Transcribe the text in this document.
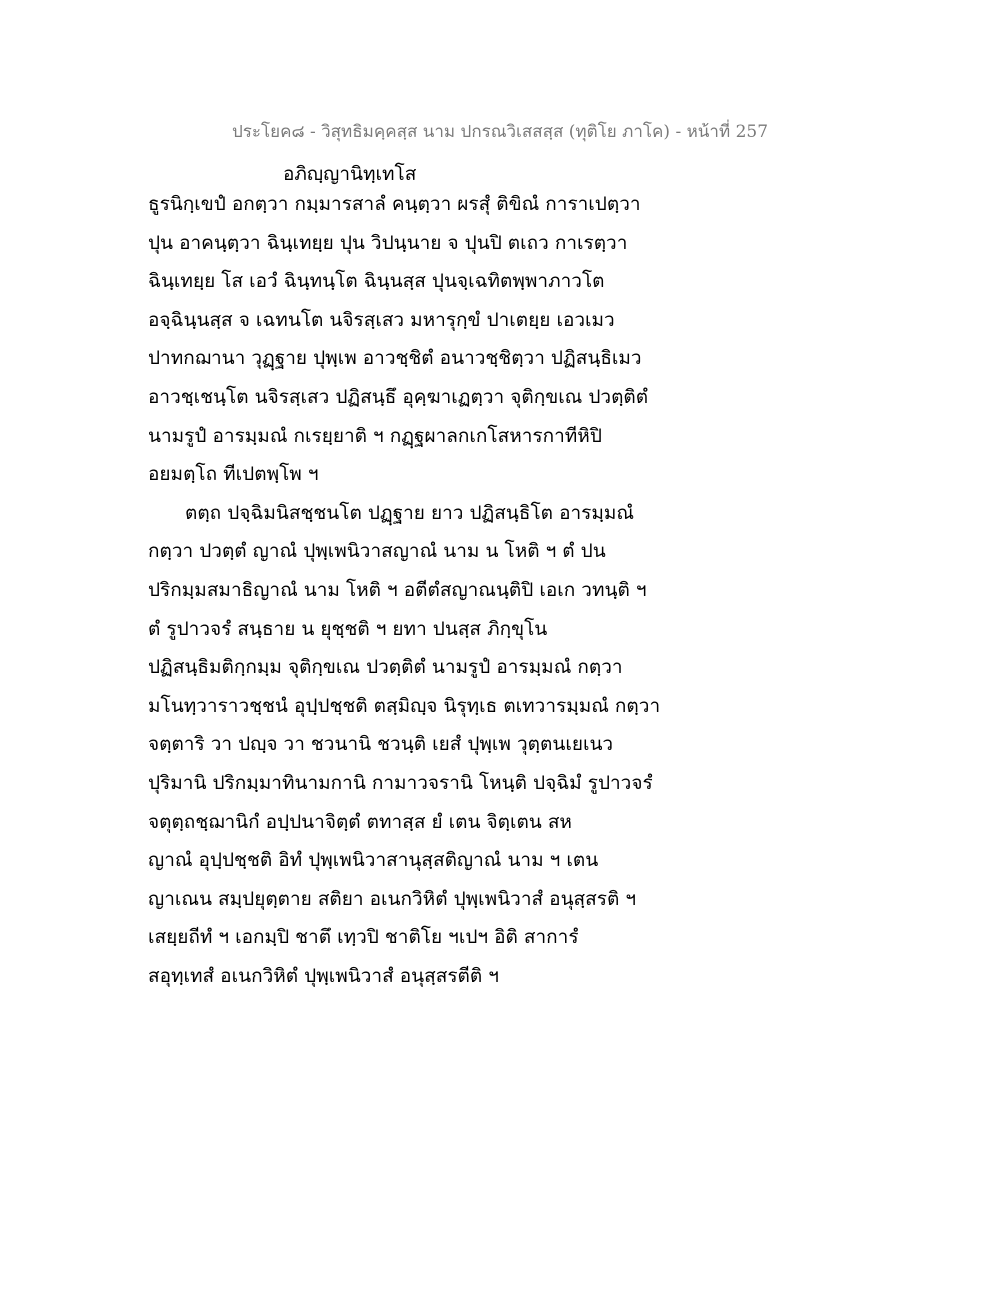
ประโยค๘ - วิสุทธิมคฺคสฺส นาม ปกรณวิเสสสฺส (ทุติโย ภาโค) - หน้าที่ 257
อภิญฺญานิทฺเทโส
ธูรนิกฺเขปํ อกตฺวา กมฺมารสาลํ คนฺตฺวา ผรสุํ ติขิณํ การาเปตฺวา
ปุน อาคนฺตฺวา ฉินฺเทยฺย ปุน วิปนฺนาย จ ปุนปิ ตเถว กาเรตฺวา
ฉินฺเทยฺย โส เอวํ ฉินฺทนฺโต ฉินฺนสฺส ปุนจฺเฉทิตพฺพาภาวโต
อจฺฉินฺนสฺส จ เฉทนโต นจิรสฺเสว มหารุกฺขํ ปาเตยฺย เอวเมว
ปาทกฌานา วุฏฺฐาย ปุพฺเพ อาวชฺชิตํ อนาวชฺชิตฺวา ปฏิสนฺธิเมว
อาวชฺเชนฺโต นจิรสฺเสว ปฏิสนฺธึ อุคฺฆาเฏตฺวา จุติกฺขเณ ปวตฺติตํ
นามรูปํ อารมฺมณํ กเรยฺยาติ ฯ กฏฺฐผาลกเกโสหารกาทีหิปิ
อยมตฺโถ ทีเปตพฺโพ ฯ
ตตฺถ ปจฺฉิมนิสชฺชนโต ปฏฺฐาย ยาว ปฏิสนฺธิโต อารมฺมณํ
กตฺวา ปวตฺตํ ญาณํ ปุพฺเพนิวาสญาณํ นาม น โหติ ฯ ตํ ปน
ปริกมฺมสมาธิญาณํ นาม โหติ ฯ อตีตํสญาณนฺติปิ เอเก วทนฺติ ฯ
ตํ รูปาวจรํ สนฺธาย น ยุชฺชติ ฯ ยทา ปนสฺส ภิกฺขุโน
ปฏิสนฺธิมติกฺกมฺม จุติกฺขเณ ปวตฺติตํ นามรูปํ อารมฺมณํ กตฺวา
มโนทฺวาราวชฺชนํ อุปฺปชฺชติ ตสฺมิญฺจ นิรุทฺเธ ตเทวารมฺมณํ กตฺวา
จตฺตาริ วา ปญฺจ วา ชวนานิ ชวนฺติ เยสํ ปุพฺเพ วุตฺตนเยเนว
ปุริมานิ ปริกมฺมาทินามกานิ กามาวจรานิ โหนฺติ ปจฺฉิมํ รูปาวจรํ
จตุตฺถชฺฌานิกํ อปฺปนาจิตฺตํ ตทาสฺส ยํ เตน จิตฺเตน สห
ญาณํ อุปฺปชฺชติ อิทํ ปุพฺเพนิวาสานุสฺสติญาณํ นาม ฯ เตน
ญาเณน สมฺปยุตฺตาย สติยา อเนกวิหิตํ ปุพฺเพนิวาสํ อนุสฺสรติ ฯ
เสยฺยถีทํ ฯ เอกมฺปิ ชาตึ เทฺวปิ ชาติโย ฯเปฯ อิติ สาการํ
สอุทฺเทสํ อเนกวิหิตํ ปุพฺเพนิวาสํ อนุสฺสรตีติ ฯ
